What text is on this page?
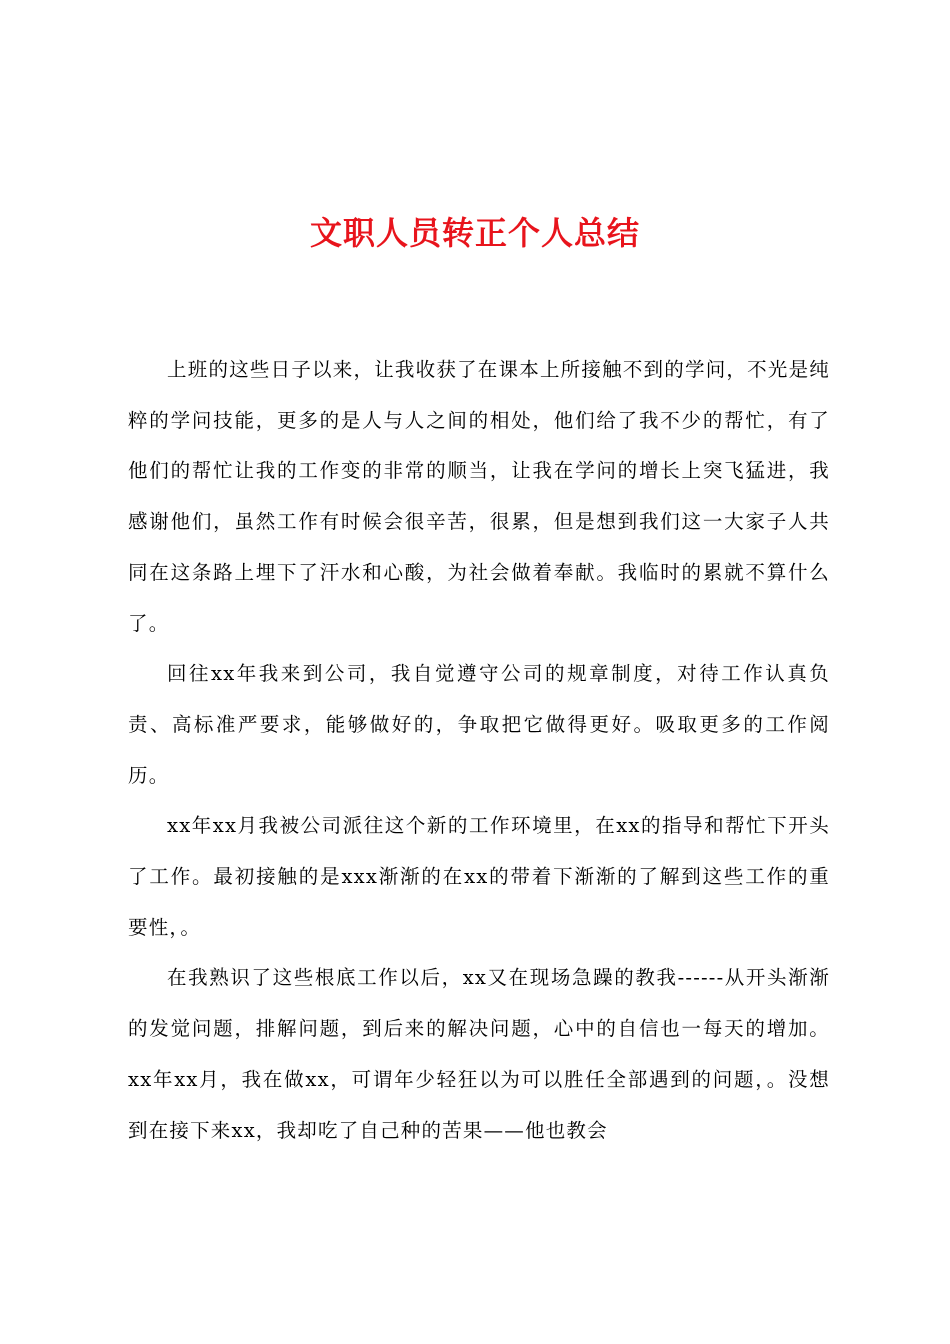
文职人员转正个人总结

上班的这些日子以来，让我收获了在课本上所接触不到的学问，不光是纯粹的学问技能，更多的是人与人之间的相处，他们给了我不少的帮忙，有了他们的帮忙让我的工作变的非常的顺当，让我在学问的增长上突飞猛进，我感谢他们，虽然工作有时候会很辛苦，很累，但是想到我们这一大家子人共同在这条路上埋下了汗水和心酸，为社会做着奉献。我临时的累就不算什么了。

回往xx年我来到公司，我自觉遵守公司的规章制度，对待工作认真负责、高标准严要求，能够做好的，争取把它做得更好。吸取更多的工作阅历。

xx年xx月我被公司派往这个新的工作环境里，在xx的指导和帮忙下开头了工作。最初接触的是xxx渐渐的在xx的带着下渐渐的了解到这些工作的重要性，。

在我熟识了这些根底工作以后，xx又在现场急躁的教我------从开头渐渐的发觉问题，排解问题，到后来的解决问题，心中的自信也一每天的增加。 xx年xx月，我在做xx，可谓年少轻狂以为可以胜任全部遇到的问题，。没想到在接下来xx，我却吃了自己种的苦果——他也教会
